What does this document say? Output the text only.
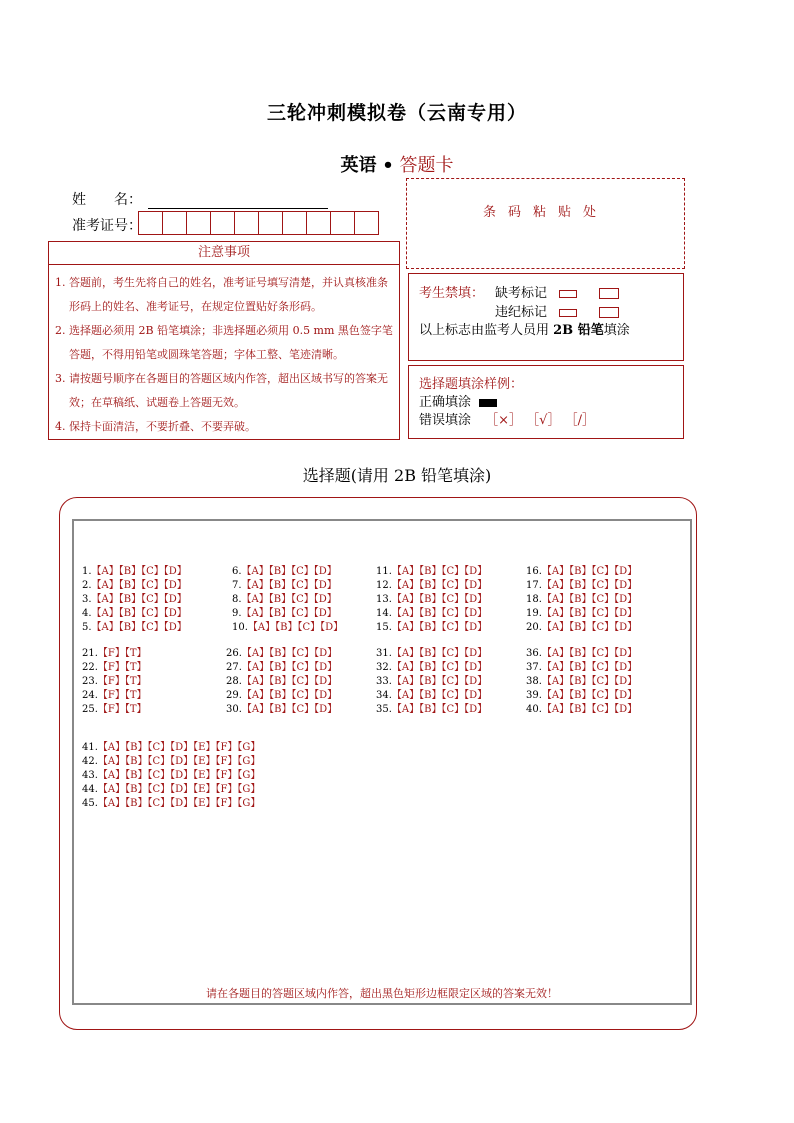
三轮冲刺模拟卷（云南专用）
英语 • 答题卡
姓　　名：
准考证号：
注意事项
1. 答题前，考生先将自己的姓名，准考证号填写清楚，并认真核准条形码上的姓名、准考证号，在规定位置贴好条形码。
2. 选择题必须用 2B 铅笔填涂；非选择题必须用 0.5 mm 黑色签字笔答题，不得用铅笔或圆珠笔答题；字体工整、笔迹清晰。
3. 请按题号顺序在各题目的答题区域内作答，超出区域书写的答案无效；在草稿纸、试题卷上答题无效。
4. 保持卡面清洁，不要折叠、不要弄破。
条码粘贴处
考生禁填： 缺考标记
违纪标记
以上标志由监考人员用 2B 铅笔填涂
选择题填涂样例：
正确填涂
错误填涂 ［×］ ［√］ ［/］
选择题(请用 2B 铅笔填涂)
1.【A】【B】【C】【D】
2.【A】【B】【C】【D】
3.【A】【B】【C】【D】
4.【A】【B】【C】【D】
5.【A】【B】【C】【D】
6.【A】【B】【C】【D】
7.【A】【B】【C】【D】
8.【A】【B】【C】【D】
9.【A】【B】【C】【D】
10.【A】【B】【C】【D】
11.【A】【B】【C】【D】
12.【A】【B】【C】【D】
13.【A】【B】【C】【D】
14.【A】【B】【C】【D】
15.【A】【B】【C】【D】
16.【A】【B】【C】【D】
17.【A】【B】【C】【D】
18.【A】【B】【C】【D】
19.【A】【B】【C】【D】
20.【A】【B】【C】【D】
21.【F】【T】
22.【F】【T】
23.【F】【T】
24.【F】【T】
25.【F】【T】
26.【A】【B】【C】【D】
27.【A】【B】【C】【D】
28.【A】【B】【C】【D】
29.【A】【B】【C】【D】
30.【A】【B】【C】【D】
31.【A】【B】【C】【D】
32.【A】【B】【C】【D】
33.【A】【B】【C】【D】
34.【A】【B】【C】【D】
35.【A】【B】【C】【D】
36.【A】【B】【C】【D】
37.【A】【B】【C】【D】
38.【A】【B】【C】【D】
39.【A】【B】【C】【D】
40.【A】【B】【C】【D】
41.【A】【B】【C】【D】【E】【F】【G】
42.【A】【B】【C】【D】【E】【F】【G】
43.【A】【B】【C】【D】【E】【F】【G】
44.【A】【B】【C】【D】【E】【F】【G】
45.【A】【B】【C】【D】【E】【F】【G】
请在各题目的答题区域内作答，超出黑色矩形边框限定区域的答案无效！
